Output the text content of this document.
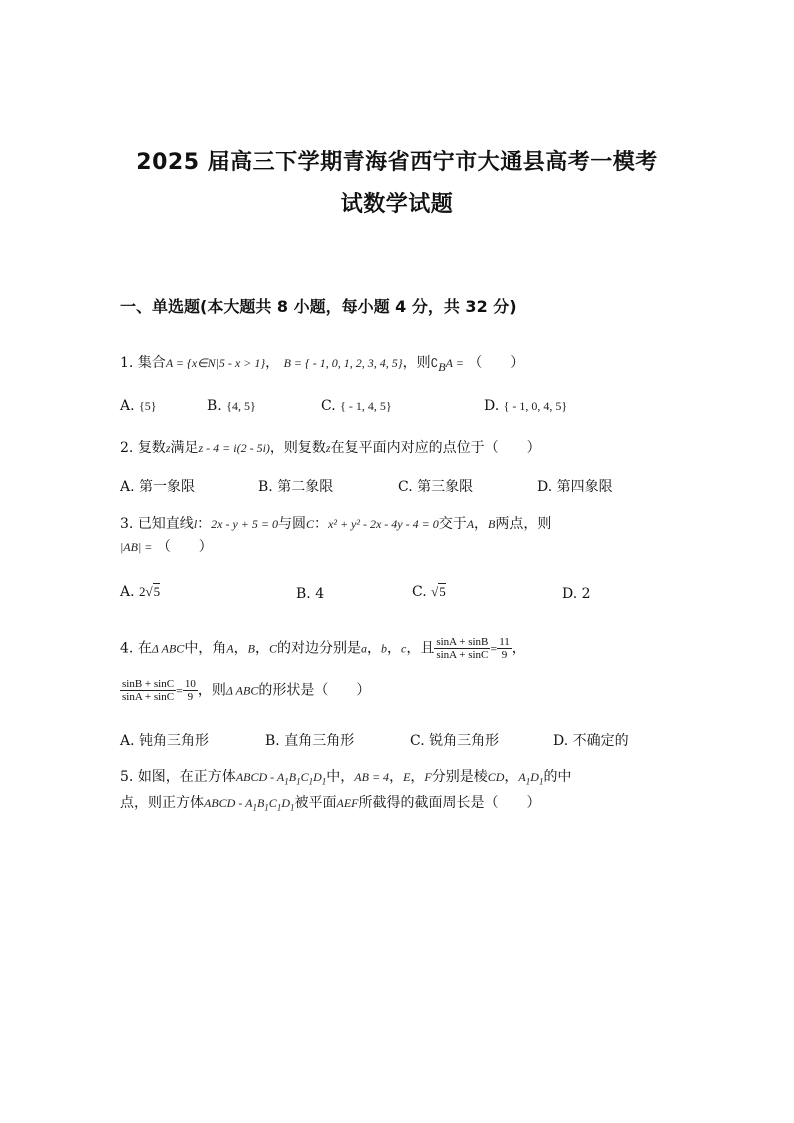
2025 届高三下学期青海省西宁市大通县高考一模考
试数学试题
一、单选题(本大题共 8 小题，每小题 4 分，共 32 分)
1. 集合A = {x∈N|5 - x > 1}， B = { - 1, 0, 1, 2, 3, 4, 5}，则$∁_BA$ = （　　）
A. {5}	B. {4, 5}	C. { - 1, 4, 5}	D. { - 1, 0, 4, 5}
2. 复数z满足z - 4 = i(2 - 5i)，则复数z在复平面内对应的点位于（　　）
A. 第一象限	B. 第二象限	C. 第三象限	D. 第四象限
3. 已知直线l：2x - y + 5 = 0与圆C：x² + y² - 2x - 4y - 4 = 0交于A，B两点，则
|AB| = （　　）
A. 2√5	B. 4	C. √5	D. 2
4. 在Δ ABC中，角A，B，C的对边分别是a，b，c，且 $\frac{\sin A + \sin B}{\sin A + \sin C} = \frac{11}{9}$ ，
$\frac{\sin B + \sin C}{\sin A + \sin C} = \frac{10}{9}$ ，则Δ ABC的形状是（　　）
A. 钝角三角形	B. 直角三角形	C. 锐角三角形	D. 不确定的
5. 如图，在正方体ABCD - $A_1B_1C_1D_1$中，AB = 4，E，F分别是棱CD，$A_1D_1$的中
点，则正方体ABCD - $A_1B_1C_1D_1$被平面AEF所截得的截面周长是（　　）
